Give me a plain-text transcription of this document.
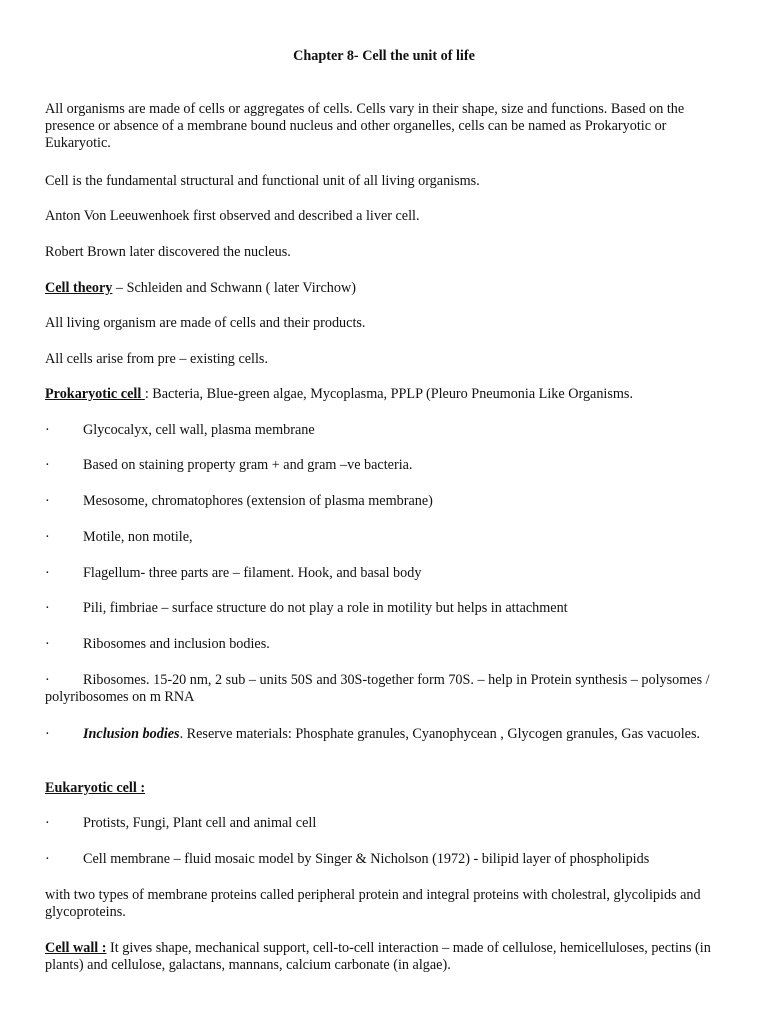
Chapter 8- Cell the unit of life

All organisms are made of cells or aggregates of cells. Cells vary in their shape, size and functions. Based on the presence or absence of a membrane bound nucleus and other organelles, cells can be named as Prokaryotic or Eukaryotic.

Cell is the fundamental structural and functional unit of all living organisms.

Anton Von Leeuwenhoek first observed and described a liver cell.

Robert Brown later discovered the nucleus.

Cell theory – Schleiden and Schwann ( later Virchow)

All living organism are made of cells and their products.

All cells arise from pre – existing cells.

Prokaryotic cell : Bacteria, Blue-green algae, Mycoplasma, PPLP (Pleuro Pneumonia Like Organisms.

· Glycocalyx, cell wall, plasma membrane

· Based on staining property gram + and gram –ve bacteria.

· Mesosome, chromatophores (extension of plasma membrane)

· Motile, non motile,

· Flagellum- three parts are – filament. Hook, and basal body

· Pili, fimbriae – surface structure do not play a role in motility but helps in attachment

· Ribosomes and inclusion bodies.

· Ribosomes. 15-20 nm, 2 sub – units 50S and 30S-together form 70S. – help in Protein synthesis – polysomes / polyribosomes on m RNA

· Inclusion bodies. Reserve materials: Phosphate granules, Cyanophycean , Glycogen granules, Gas vacuoles.

Eukaryotic cell :

· Protists, Fungi, Plant cell and animal cell

· Cell membrane – fluid mosaic model by Singer & Nicholson (1972) - bilipid layer of phospholipids

with two types of membrane proteins called peripheral protein and integral proteins with cholestral, glycolipids and glycoproteins.

Cell wall : It gives shape, mechanical support, cell-to-cell interaction – made of cellulose, hemicelluloses, pectins (in plants) and cellulose, galactans, mannans, calcium carbonate (in algae).
